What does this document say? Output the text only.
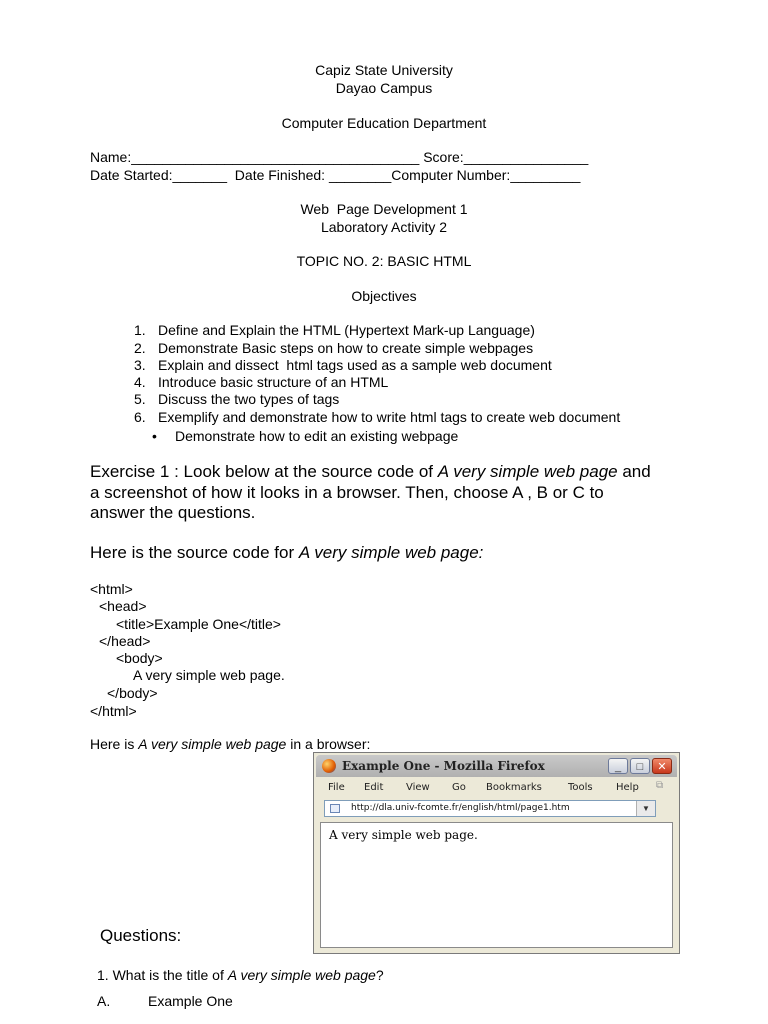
Capiz State University
Dayao Campus
Computer Education Department
Name:_____________________________________ Score:________________
Date Started:_______ Date Finished: ________Computer Number:_________
Web  Page Development 1
Laboratory Activity 2
TOPIC NO. 2: BASIC HTML
Objectives
1. Define and Explain the HTML (Hypertext Mark-up Language)
2. Demonstrate Basic steps on how to create simple webpages
3. Explain and dissect  html tags used as a sample web document
4. Introduce basic structure of an HTML
5. Discuss the two types of tags
6. Exemplify and demonstrate how to write html tags to create web document
• Demonstrate how to edit an existing webpage
Exercise 1 : Look below at the source code of A very simple web page and
a screenshot of how it looks in a browser. Then, choose A , B or C to
answer the questions.
Here is the source code for A very simple web page:
<html>
<head>
<title>Example One</title>
</head>
<body>
A very simple web page.
</body>
</html>
Here is A very simple web page in a browser:
Example One - Mozilla Firefox	_	□	✕
File Edit View Go Bookmarks	Tools Help ⧉
http://dla.univ-fcomte.fr/english/html/page1.htm	▼
A very simple web page.
Questions:
1. What is the title of A very simple web page?
A.	Example One
